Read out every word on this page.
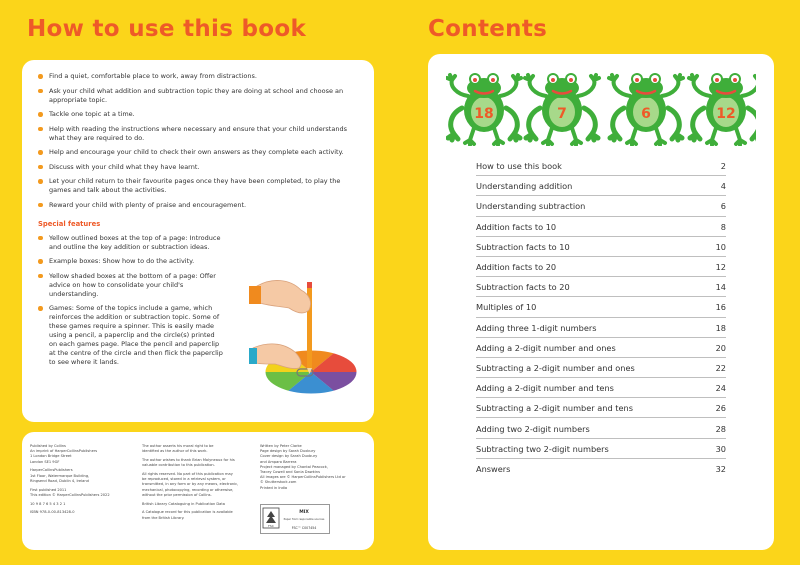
How to use this book	Contents
Find a quiet, comfortable place to work, away from distractions.
Ask your child what addition and subtraction topic they are doing at school and choose an appropriate topic.
Tackle one topic at a time.
Help with reading the instructions where necessary and ensure that your child understands what they are required to do.
Help and encourage your child to check their own answers as they complete each activity.
Discuss with your child what they have learnt.
Let your child return to their favourite pages once they have been completed, to play the games and talk about the activities.
Reward your child with plenty of praise and encouragement.
Special features
Yellow outlined boxes at the top of a page: Introduce and outline the key addition or subtraction ideas.
Example boxes: Show how to do the activity.
Yellow shaded boxes at the bottom of a page: Offer advice on how to consolidate your child's understanding.
Games: Some of the topics include a game, which reinforces the addition or subtraction topic. Some of these games require a spinner. This is easily made using a pencil, a paperclip and the circle(s) printed on each games page. Place the pencil and paperclip at the centre of the circle and then flick the paperclip to see where it lands.

Published by Collins
An imprint of HarperCollinsPublishers
1 London Bridge Street
London SE1 9GF

HarperCollinsPublishers
1st Floor, Watermarque Building,
Ringsend Road, Dublin 4, Ireland

First published 2011
This edition © HarperCollinsPublishers 2022

10 9 8 7 6 5 4 3 2 1

ISBN 978-0-00-813428-0

The author asserts his moral right to be
identified as the author of this work.

The author wishes to thank Brian Molyneaux for his
valuable contribution to this publication.

All rights reserved. No part of this publication may
be reproduced, stored in a retrieval system, or
transmitted, in any form or by any means, electronic,
mechanical, photocopying, recording or otherwise,
without the prior permission of Collins.

British Library Cataloguing in Publication Data

A Catalogue record for this publication is available
from the British Library.

Written by Peter Clarke
Page design by Sarah Duxbury
Cover design by Sarah Duxbury
and Amparo Barrera
Project managed by Chantal Peacock,
Tracey Cowell and Sonia Dawkins
All images are © HarperCollinsPublishers Ltd or
© Shutterstock.com
Printed in India

FSC
MIX
Paper from responsible sources
FSC™ C007454
18	7	6	12
How to use this book	2
Understanding addition	4
Understanding subtraction	6
Addition facts to 10	8
Subtraction facts to 10	10
Addition facts to 20	12
Subtraction facts to 20	14
Multiples of 10	16
Adding three 1-digit numbers	18
Adding a 2-digit number and ones	20
Subtracting a 2-digit number and ones	22
Adding a 2-digit number and tens	24
Subtracting a 2-digit number and tens	26
Adding two 2-digit numbers	28
Subtracting two 2-digit numbers	30
Answers	32
